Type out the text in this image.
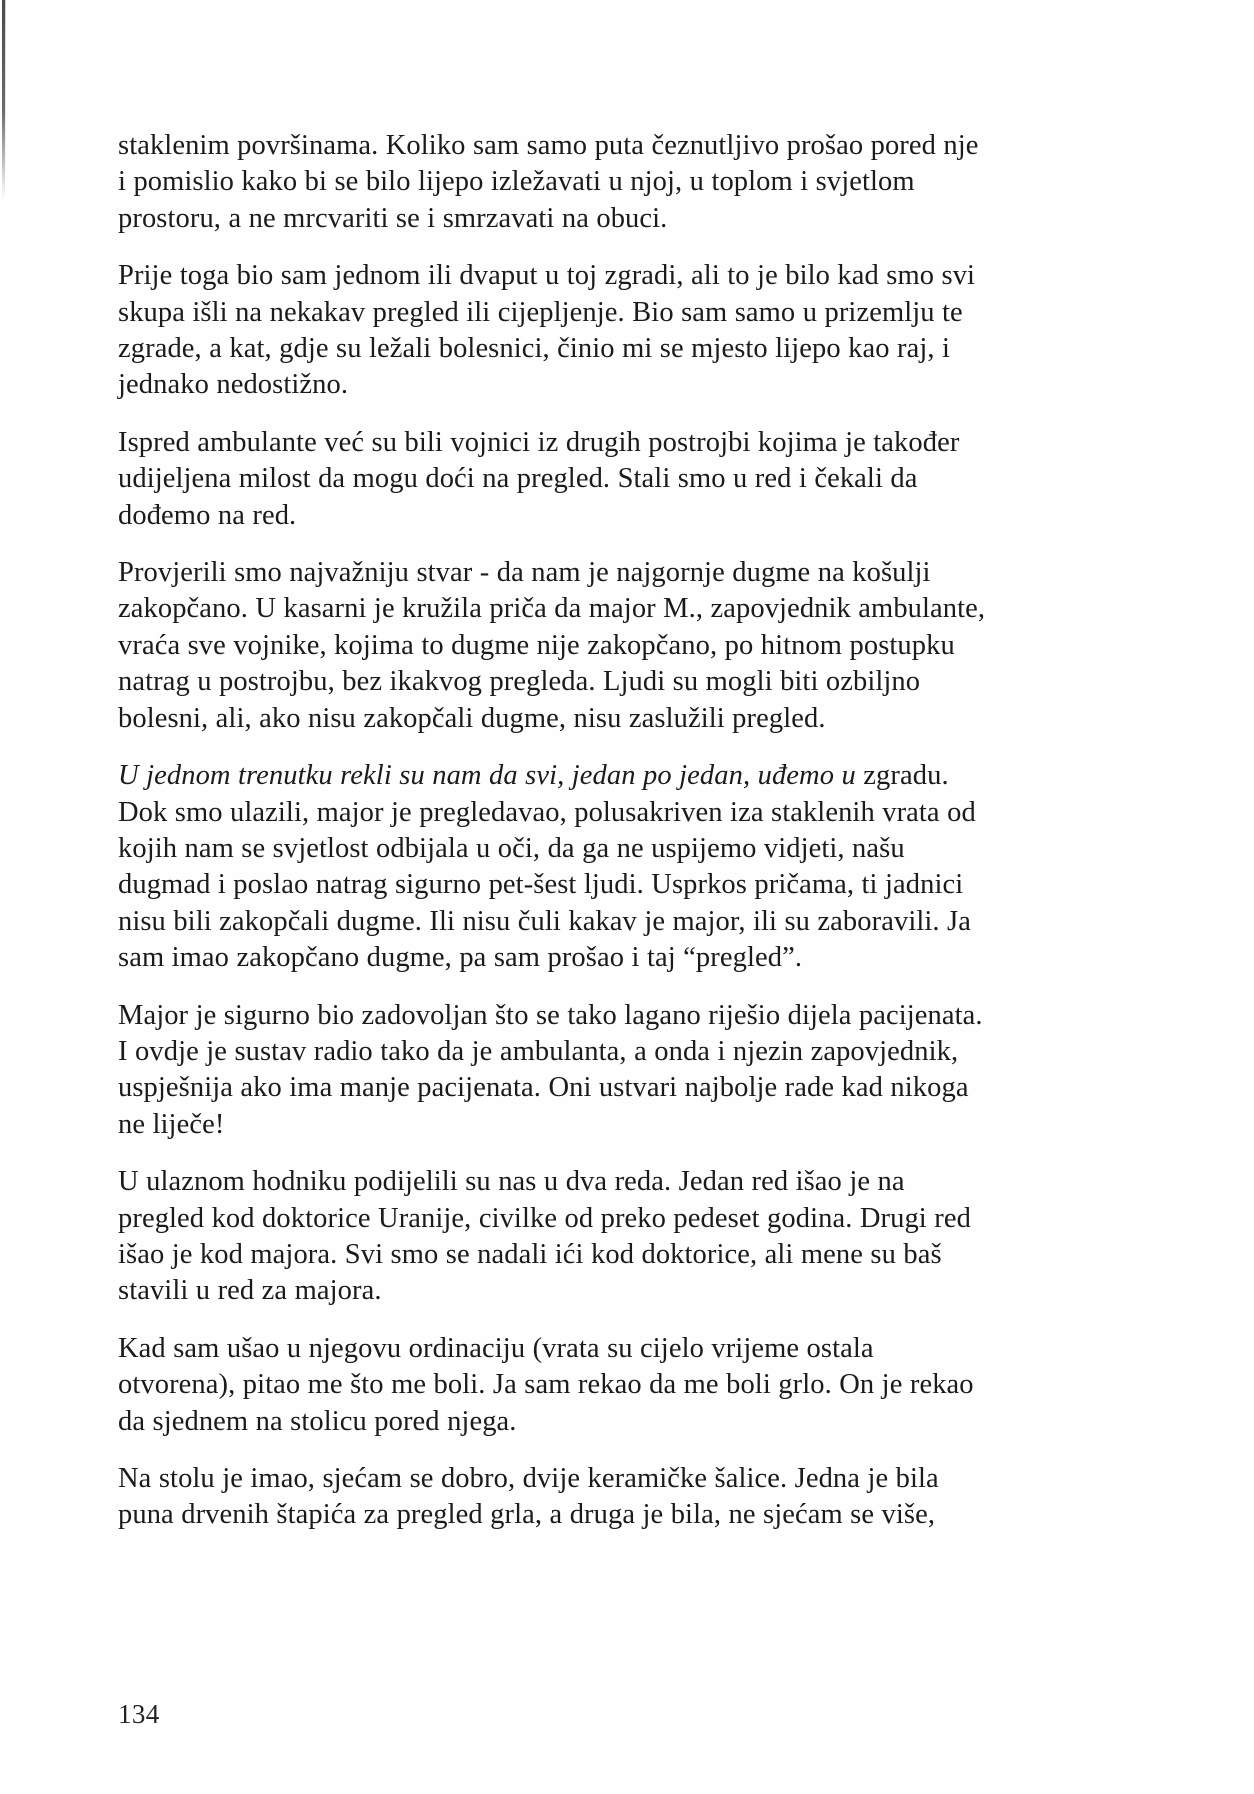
staklenim površinama. Koliko sam samo puta čeznutljivo prošao pored nje i pomislio kako bi se bilo lijepo izležavati u njoj, u toplom i svjetlom prostoru, a ne mrcvariti se i smrzavati na obuci.

Prije toga bio sam jednom ili dvaput u toj zgradi, ali to je bilo kad smo svi skupa išli na nekakav pregled ili cijepljenje. Bio sam samo u prizemlju te zgrade, a kat, gdje su ležali bolesnici, činio mi se mjesto lijepo kao raj, i jednako nedostižno.

Ispred ambulante već su bili vojnici iz drugih postrojbi kojima je također udijeljena milost da mogu doći na pregled. Stali smo u red i čekali da dođemo na red.

Provjerili smo najvažniju stvar - da nam je najgornje dugme na košulji zakopčano. U kasarni je kružila priča da major M., zapovjednik ambulante, vraća sve vojnike, kojima to dugme nije zakopčano, po hitnom postupku natrag u postrojbu, bez ikakvog pregleda. Ljudi su mogli biti ozbiljno bolesni, ali, ako nisu zakopčali dugme, nisu zaslužili pregled.

U jednom trenutku rekli su nam da svi, jedan po jedan, uđemo u zgradu. Dok smo ulazili, major je pregledavao, polusakriven iza staklenih vrata od kojih nam se svjetlost odbijala u oči, da ga ne uspijemo vidjeti, našu dugmad i poslao natrag sigurno pet-šest ljudi. Usprkos pričama, ti jadnici nisu bili zakopčali dugme. Ili nisu čuli kakav je major, ili su zaboravili. Ja sam imao zakopčano dugme, pa sam prošao i taj “pregled”.

Major je sigurno bio zadovoljan što se tako lagano riješio dijela pacijenata. I ovdje je sustav radio tako da je ambulanta, a onda i njezin zapovjednik, uspješnija ako ima manje pacijenata. Oni ustvari najbolje rade kad nikoga ne liječe!

U ulaznom hodniku podijelili su nas u dva reda. Jedan red išao je na pregled kod doktorice Uranije, civilke od preko pedeset godina. Drugi red išao je kod majora. Svi smo se nadali ići kod doktorice, ali mene su baš stavili u red za majora.

Kad sam ušao u njegovu ordinaciju (vrata su cijelo vrijeme ostala otvorena), pitao me što me boli. Ja sam rekao da me boli grlo. On je rekao da sjednem na stolicu pored njega.

Na stolu je imao, sjećam se dobro, dvije keramičke šalice. Jedna je bila puna drvenih štapića za pregled grla, a druga je bila, ne sjećam se više,

134
